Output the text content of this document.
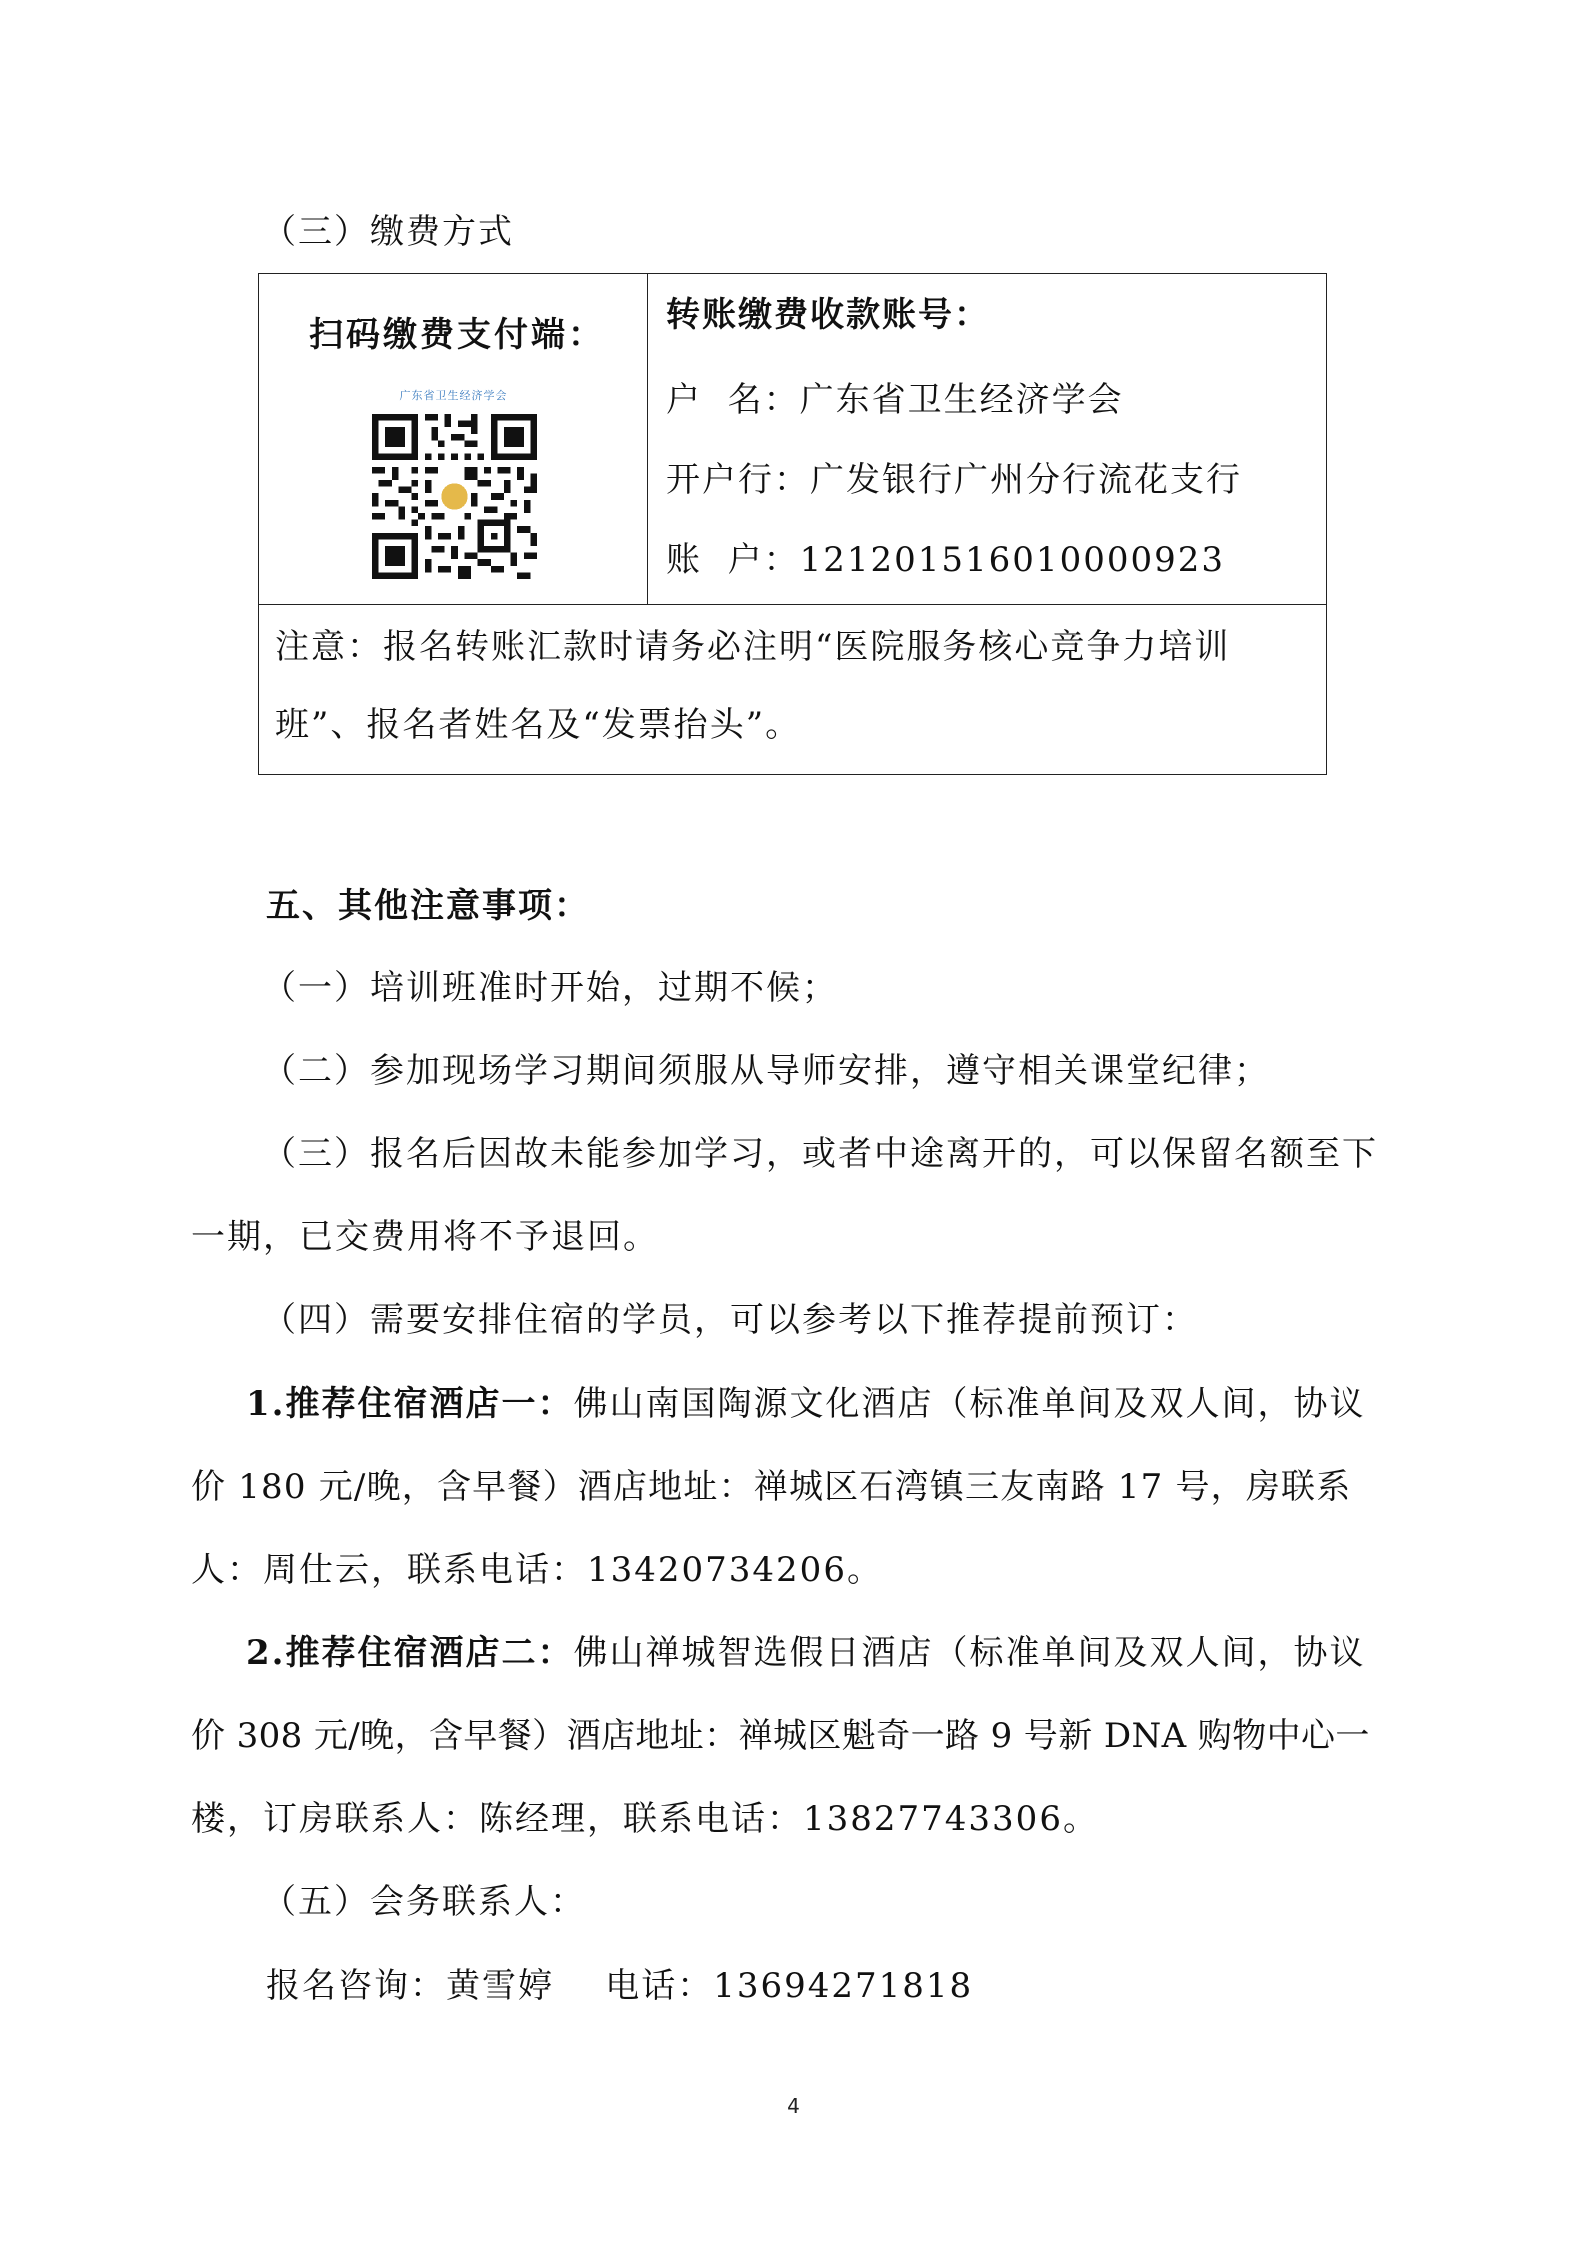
（三）缴费方式
扫码缴费支付端：
广东省卫生经济学会
转账缴费收款账号：
户  名：广东省卫生经济学会
开户行：广发银行广州分行流花支行
账  户：121201516010000923
注意：报名转账汇款时请务必注明“医院服务核心竞争力培训
班”、报名者姓名及“发票抬头”。
五、其他注意事项：
（一）培训班准时开始，过期不候；
（二）参加现场学习期间须服从导师安排，遵守相关课堂纪律；
（三）报名后因故未能参加学习，或者中途离开的，可以保留名额至下
一期，已交费用将不予退回。
（四）需要安排住宿的学员，可以参考以下推荐提前预订：
1.推荐住宿酒店一：佛山南国陶源文化酒店（标准单间及双人间，协议
价 180 元/晚，含早餐）酒店地址：禅城区石湾镇三友南路 17 号，房联系
人：周仕云，联系电话：13420734206。
2.推荐住宿酒店二：佛山禅城智选假日酒店（标准单间及双人间，协议
价 308 元/晚，含早餐）酒店地址：禅城区魁奇一路 9 号新 DNA 购物中心一
楼，订房联系人：陈经理，联系电话：13827743306。
（五）会务联系人：
报名咨询：黄雪婷    电话：13694271818
4
